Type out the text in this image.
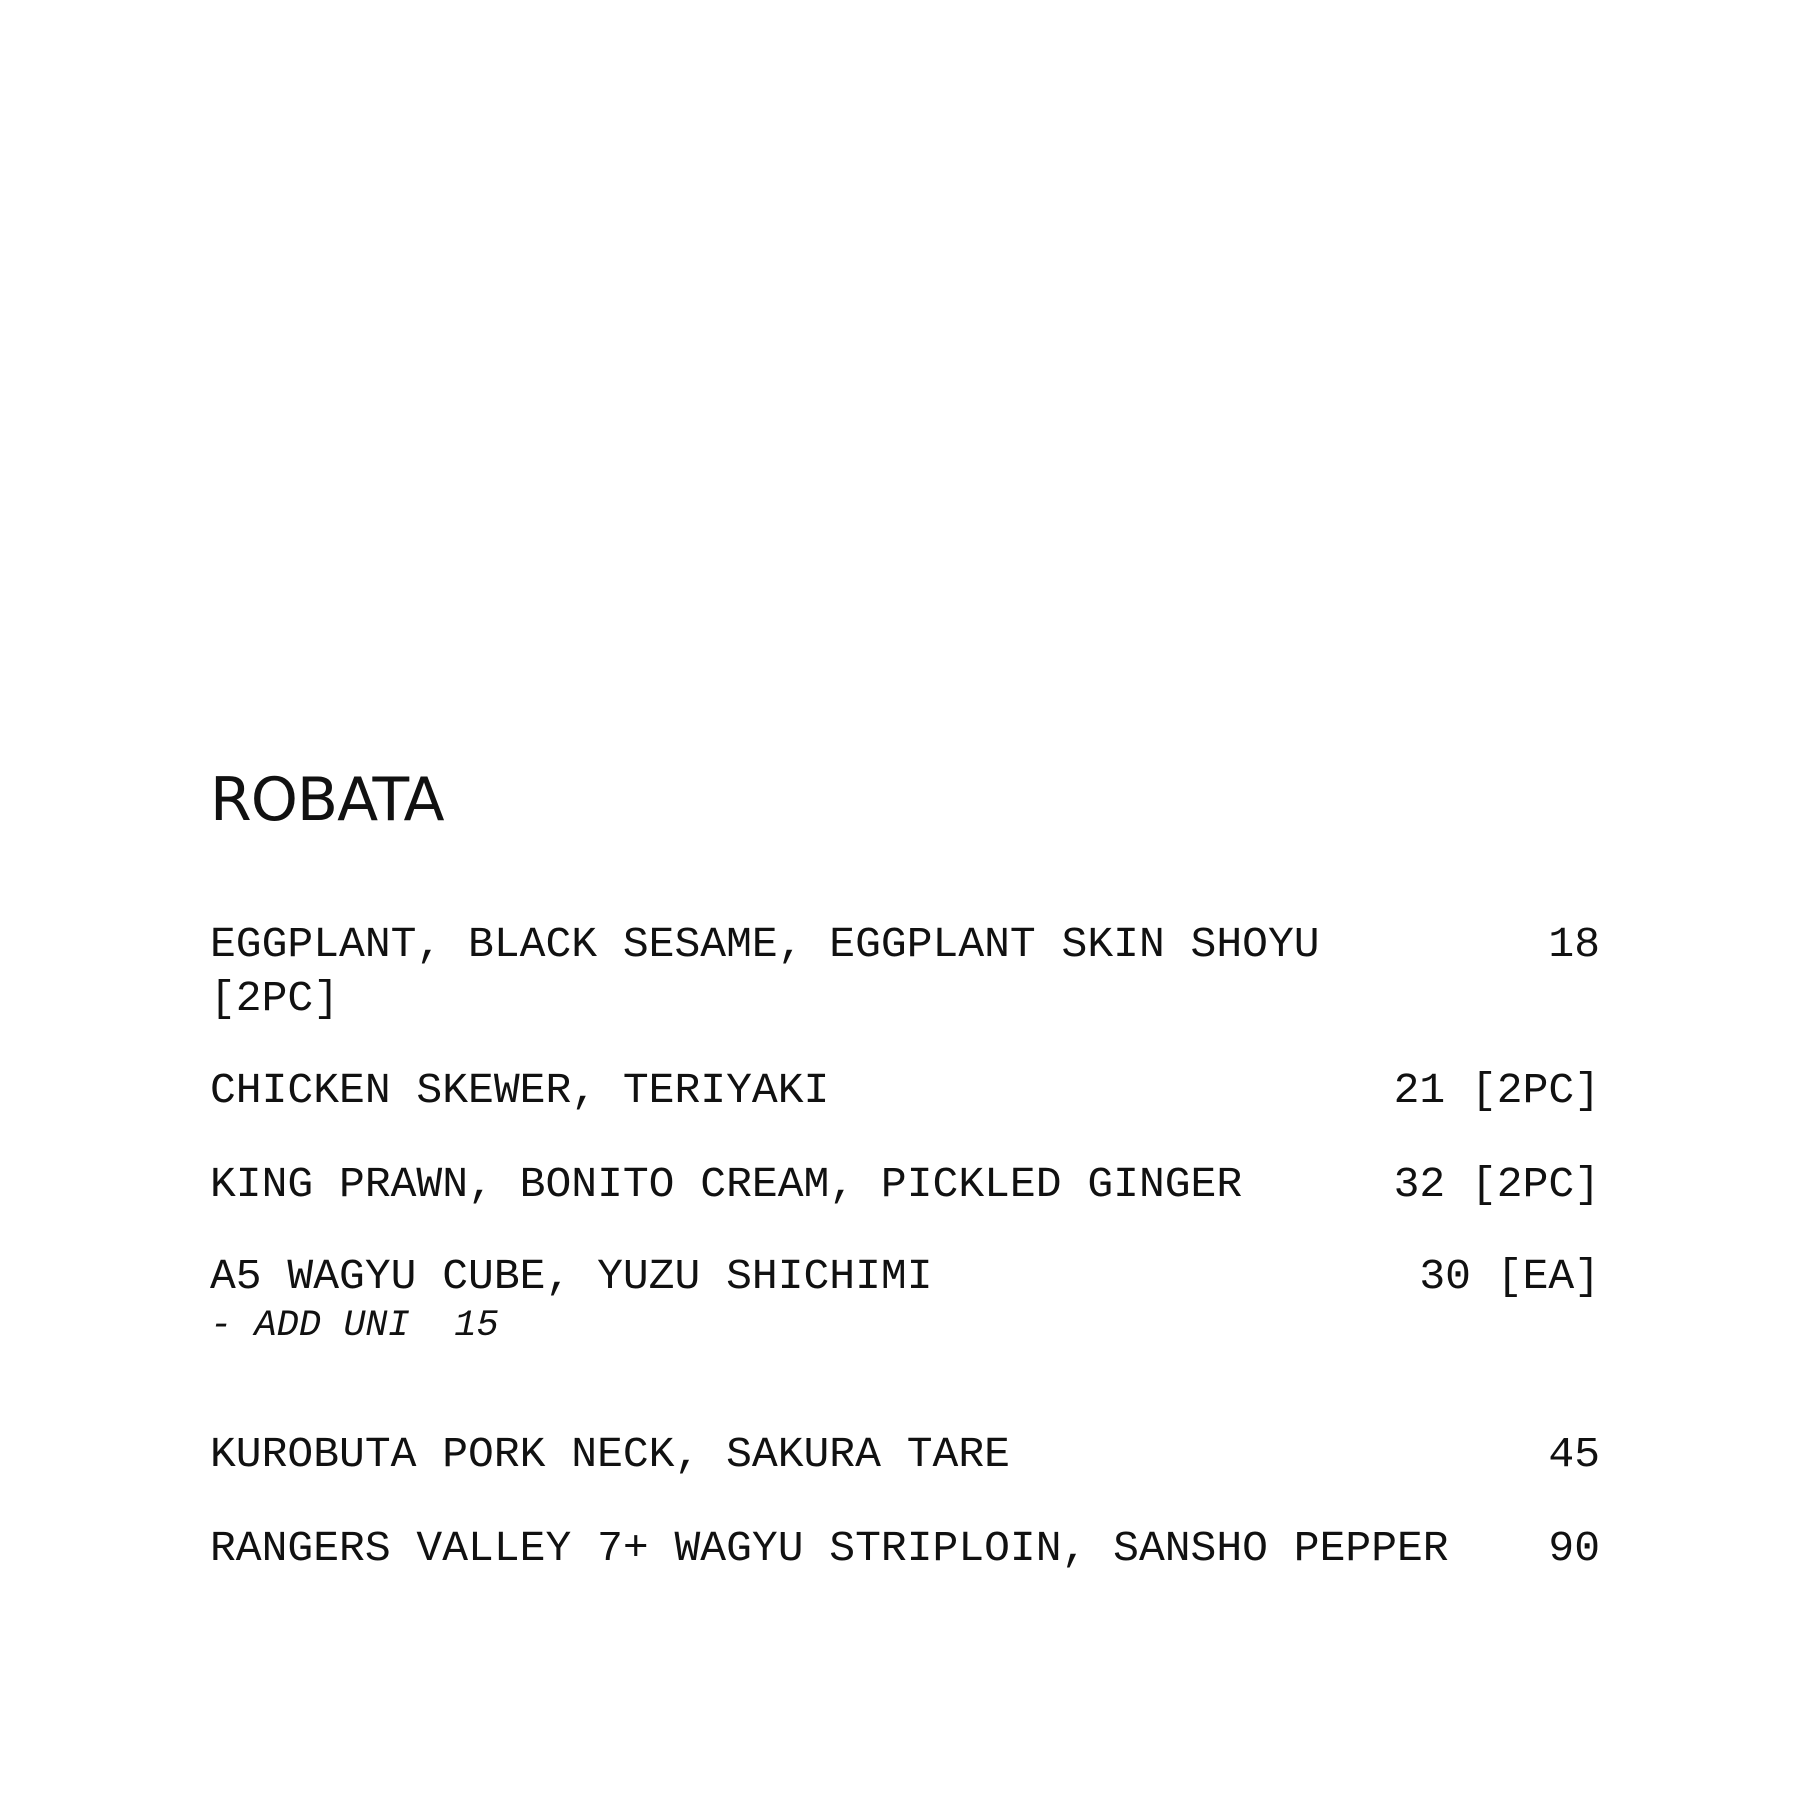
ROBATA
EGGPLANT, BLACK SESAME, EGGPLANT SKIN SHOYU	18
[2PC]
CHICKEN SKEWER, TERIYAKI	21 [2PC]
KING PRAWN, BONITO CREAM, PICKLED GINGER	32 [2PC]
A5 WAGYU CUBE, YUZU SHICHIMI	30 [EA]
- ADD UNI  15
KUROBUTA PORK NECK, SAKURA TARE	45
RANGERS VALLEY 7+ WAGYU STRIPLOIN, SANSHO PEPPER 90
